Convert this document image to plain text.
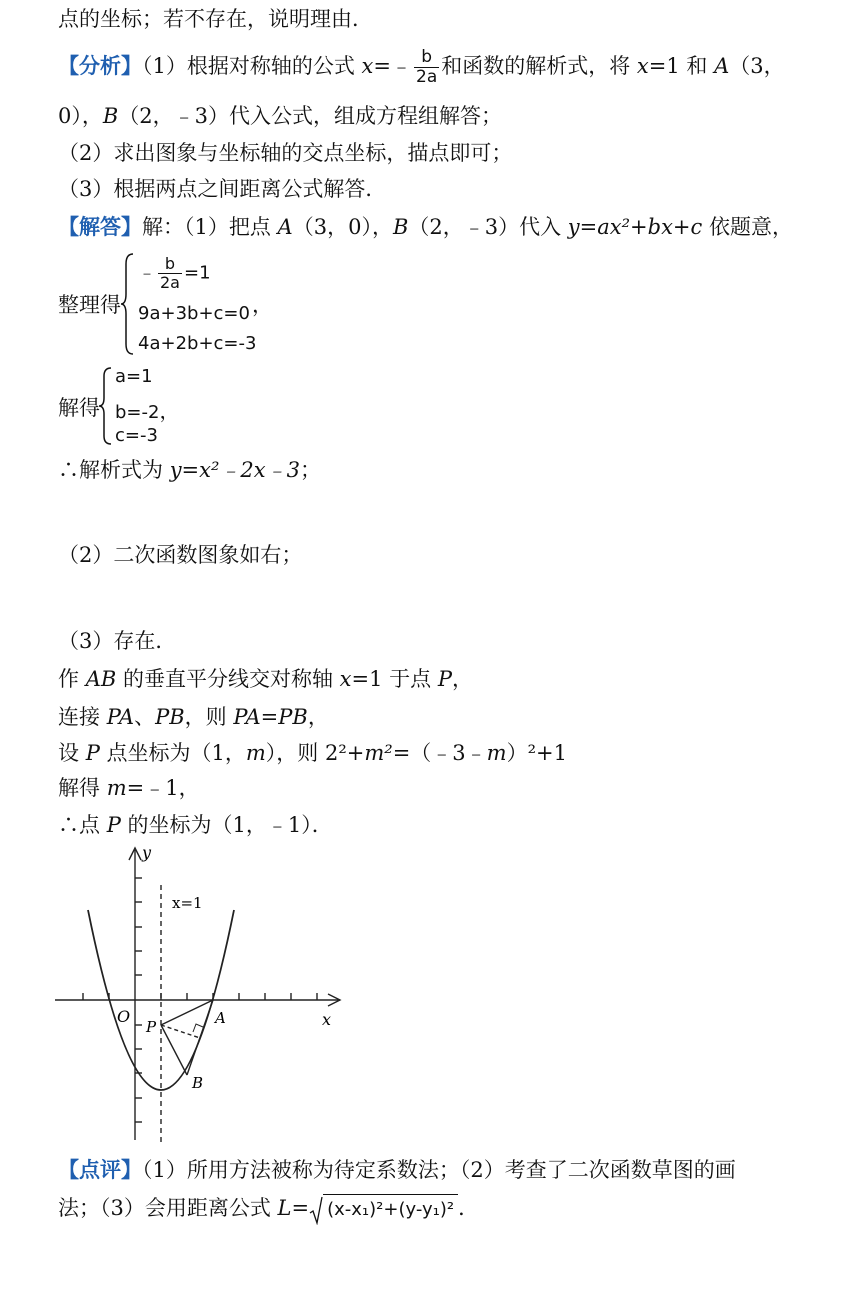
点的坐标；若不存在，说明理由．
【分析】（1）根据对称轴的公式 x=﹣ $\frac{b}{2a}$ 和函数的解析式，将 x=1 和 A（3，
0），B（2，﹣3）代入公式，组成方程组解答；
（2）求出图象与坐标轴的交点坐标，描点即可；
（3）根据两点之间距离公式解答．
【解答】解：（1）把点 A（3，0），B（2，﹣3）代入 y=ax²+bx+c 依题意，
整理得
﹣ $\frac{b}{2a} =1$
9a+3b+c=0
4a+2b+c=-3
，
解得
a=1
b=-2，
c=-3
∴解析式为 y=x²﹣2x﹣3；
（2）二次函数图象如右；
（3）存在．
作 AB 的垂直平分线交对称轴 x=1 于点 P，
连接 PA、PB，则 PA=PB，
设 P 点坐标为（1，m），则 2²+m²=（﹣3﹣m）²+1
解得 m=﹣1，
∴点 P 的坐标为（1，﹣1）．
y
x
O
x=1
P	A
B
【点评】（1）所用方法被称为待定系数法；（2）考查了二次函数草图的画
法；（3）会用距离公式 L= (x-x₁)²+(y-y₁)² ．
